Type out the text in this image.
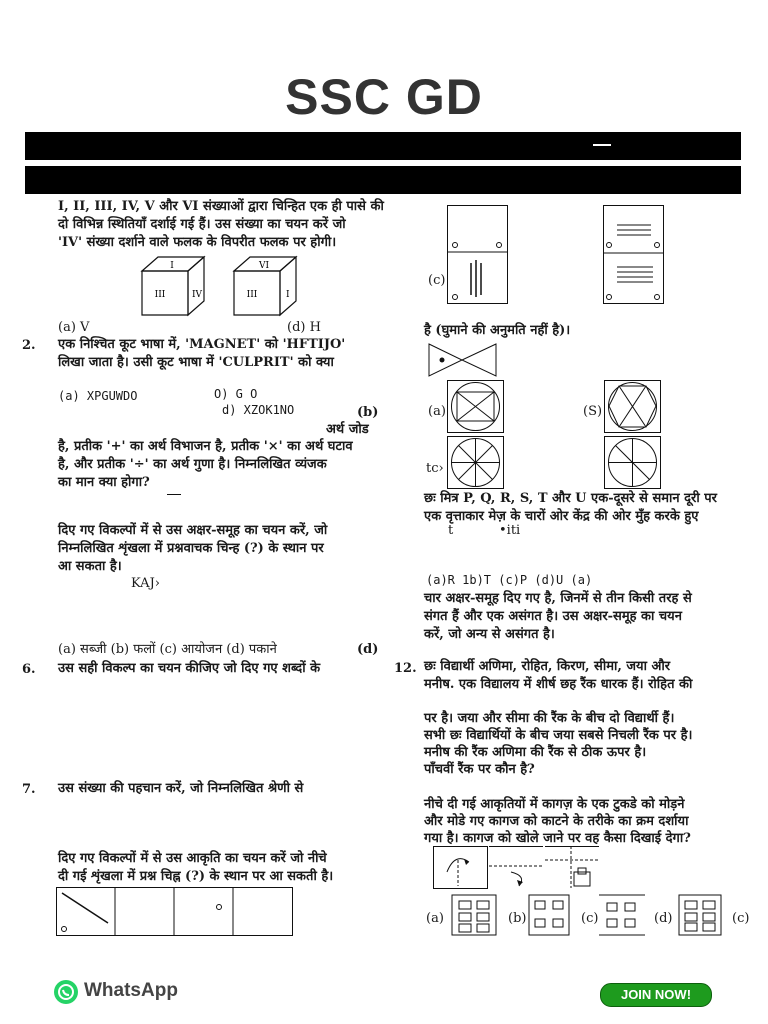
SSC GD
I, II, III, IV, V और VI संख्याओं द्वारा चिन्हित एक ही पासे की
दो विभिन्न स्थितियाँ दर्शाई गई हैं। उस संख्या का चयन करें जो
'IV' संख्या दर्शाने वाले फलक के विपरीत फलक पर होगी।
I
III	IV
VI
III	I
(a) V	(d) H
2. एक निश्चित कूट भाषा में, 'MAGNET' को 'HFTIJO'
लिखा जाता है। उसी कूट भाषा में 'CULPRIT' को क्या
(a) XPGUWDO	O) G O
d) XZOK1NO	(b)
अर्थ जोड
है, प्रतीक '+' का अर्थ विभाजन है, प्रतीक '×' का अर्थ घटाव
है, और प्रतीक '÷' का अर्थ गुणा है। निम्नलिखित व्यंजक
का मान क्या होगा?
दिए गए विकल्पों में से उस अक्षर-समूह का चयन करें, जो
निम्नलिखित शृंखला में प्रश्नवाचक चिन्ह (?) के स्थान पर
आ सकता है।
KAJ›
(a) सब्जी (b) फलों (c) आयोजन (d) पकाने	(d)
6. उस सही विकल्प का चयन कीजिए जो दिए गए शब्दों के
7. उस संख्या की पहचान करें, जो निम्नलिखित श्रेणी से
दिए गए विकल्पों में से उस आकृति का चयन करें जो नीचे
दी गई शृंखला में प्रश्न चिह्न (?) के स्थान पर आ सकती है।
(c)
है (घुमाने की अनुमति नहीं है)।
(a)	(S)
tc›
छः मित्र P, Q, R, S, T और U एक-दूसरे से समान दूरी पर
एक वृत्ताकार मेज़ के चारों ओर केंद्र की ओर मुँह करके हुए
t	•iti
(a)R 1b)T (c)P (d)U (a)
चार अक्षर-समूह दिए गए है, जिनमें से तीन किसी तरह से
संगत हैं और एक असंगत है। उस अक्षर-समूह का चयन
करें, जो अन्य से असंगत है।
12. छः विद्यार्थी अणिमा, रोहित, किरण, सीमा, जया और
मनीष. एक विद्यालय में शीर्ष छह रैंक धारक हैं। रोहित की
पर है। जया और सीमा की रैंक के बीच दो विद्यार्थी हैं।
सभी छः विद्यार्थियों के बीच जया सबसे निचली रैंक पर है।
मनीष की रैंक अणिमा की रैंक से ठीक ऊपर है।
पाँचवीं रैंक पर कौन है?
नीचे दी गई आकृतियों में कागज़ के एक टुकडे को मोड़ने
और मोडे गए कागज को काटने के तरीके का क्रम दर्शाया
गया है। कागज को खोले जाने पर वह कैसा दिखाई देगा?
(a)	(b)	(c)	(d)	(c)
WhatsApp	JOIN NOW!
